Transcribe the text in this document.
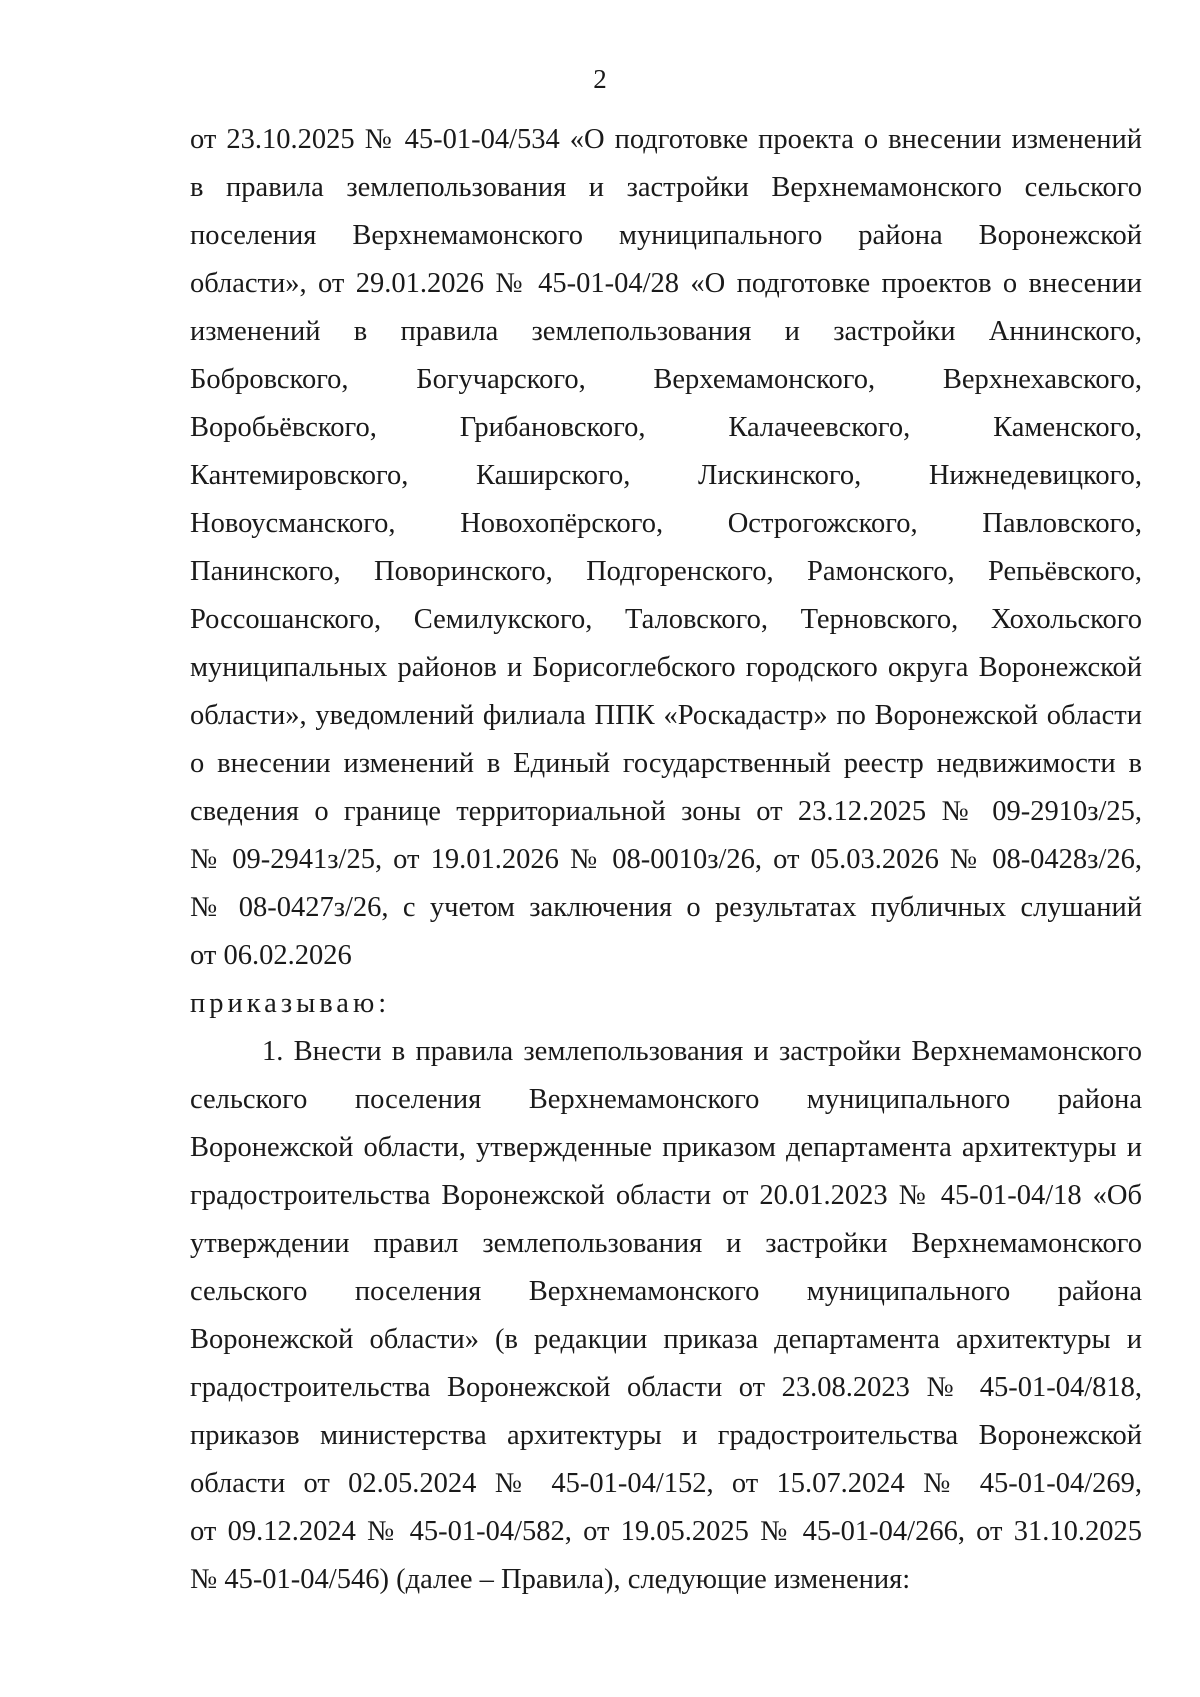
2
от 23.10.2025 № 45-01-04/534 «О подготовке проекта о внесении изменений
в правила землепользования и застройки Верхнемамонского сельского
поселения Верхнемамонского муниципального района Воронежской
области», от 29.01.2026 № 45-01-04/28 «О подготовке проектов о внесении
изменений в правила землепользования и застройки Аннинского,
Бобровского, Богучарского, Верхемамонского, Верхнехавского,
Воробьёвского, Грибановского, Калачеевского, Каменского,
Кантемировского, Каширского, Лискинского, Нижнедевицкого,
Новоусманского, Новохопёрского, Острогожского, Павловского,
Панинского, Поворинского, Подгоренского, Рамонского, Репьёвского,
Россошанского, Семилукского, Таловского, Терновского, Хохольского
муниципальных районов и Борисоглебского городского округа Воронежской
области», уведомлений филиала ППК «Роскадастр» по Воронежской области
о внесении изменений в Единый государственный реестр недвижимости в
сведения о границе территориальной зоны от 23.12.2025 № 09-2910з/25,
№ 09-2941з/25, от 19.01.2026 № 08-0010з/26, от 05.03.2026 № 08-0428з/26,
№ 08-0427з/26, с учетом заключения о результатах публичных слушаний
от 06.02.2026
приказываю:
1. Внести в правила землепользования и застройки Верхнемамонского
сельского поселения Верхнемамонского муниципального района
Воронежской области, утвержденные приказом департамента архитектуры и
градостроительства Воронежской области от 20.01.2023 № 45-01-04/18 «Об
утверждении правил землепользования и застройки Верхнемамонского
сельского поселения Верхнемамонского муниципального района
Воронежской области» (в редакции приказа департамента архитектуры и
градостроительства Воронежской области от 23.08.2023 № 45-01-04/818,
приказов министерства архитектуры и градостроительства Воронежской
области от 02.05.2024 № 45-01-04/152, от 15.07.2024 № 45-01-04/269,
от 09.12.2024 № 45-01-04/582, от 19.05.2025 № 45-01-04/266, от 31.10.2025
№ 45-01-04/546) (далее – Правила), следующие изменения:
